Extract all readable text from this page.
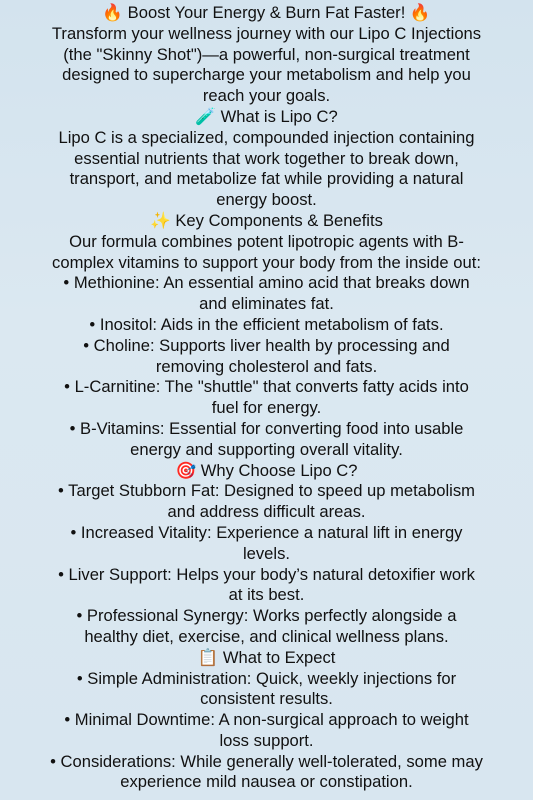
🔥 Boost Your Energy & Burn Fat Faster! 🔥
Transform your wellness journey with our Lipo C Injections
(the "Skinny Shot")—a powerful, non-surgical treatment
designed to supercharge your metabolism and help you
reach your goals.
🧪 What is Lipo C?
Lipo C is a specialized, compounded injection containing
essential nutrients that work together to break down,
transport, and metabolize fat while providing a natural
energy boost.
✨ Key Components & Benefits
Our formula combines potent lipotropic agents with B-
complex vitamins to support your body from the inside out:
• Methionine: An essential amino acid that breaks down
and eliminates fat.
• Inositol: Aids in the efficient metabolism of fats.
• Choline: Supports liver health by processing and
removing cholesterol and fats.
• L-Carnitine: The "shuttle" that converts fatty acids into
fuel for energy.
• B-Vitamins: Essential for converting food into usable
energy and supporting overall vitality.
🎯 Why Choose Lipo C?
• Target Stubborn Fat: Designed to speed up metabolism
and address difficult areas.
• Increased Vitality: Experience a natural lift in energy
levels.
• Liver Support: Helps your body’s natural detoxifier work
at its best.
• Professional Synergy: Works perfectly alongside a
healthy diet, exercise, and clinical wellness plans.
📋 What to Expect
• Simple Administration: Quick, weekly injections for
consistent results.
• Minimal Downtime: A non-surgical approach to weight
loss support.
• Considerations: While generally well-tolerated, some may
experience mild nausea or constipation.
